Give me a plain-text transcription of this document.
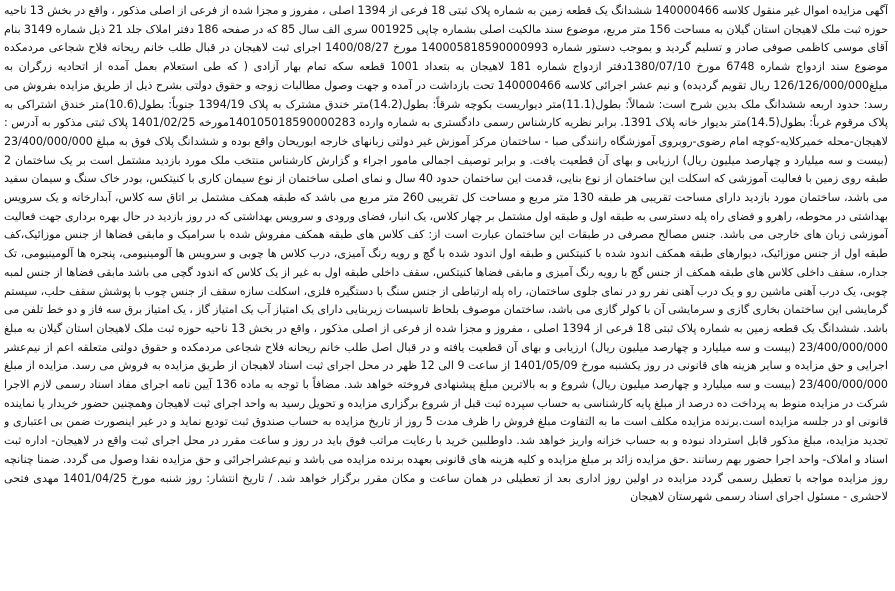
آگهی مزایده اموال غیر منقول کلاسه 140000466 ششدانگ یک قطعه زمین به شماره پلاک ثبتی 18 فرعی از 1394 اصلی ، مفروز و مجزا شده از فرعی از اصلی مذکور ، واقع در بخش 13 ناحیه حوزه ثبت ملک لاهیجان استان گیلان به مساحت 156 متر مربع، موضوع سند مالکیت اصلی بشماره چاپی 001925 سری الف سال 85 که در صفحه 186 دفتر املاک جلد 21 ذیل شماره 3149 بنام آقای موسی کاظمی صوفی صادر و تسلیم گردید و بموجب دستور شماره 140005818590000993 مورخ 1400/08/27 اجرای ثبت لاهیجان در قبال طلب خانم ریحانه فلاح شجاعی مردمکده موضوع سند ازدواج شماره 6748 مورخ 1380/07/10دفتر ازدواج شماره 181 لاهیجان به بتعداد 1001 قطعه سکه تمام بهار آزادی ( که طی استعلام بعمل آمده از اتحادیه زرگران به مبلغ126/126/000/000 ریال تقویم گردیده) و نیم عشر اجرائی کلاسه 140000466 تحت بازداشت در آمده و جهت وصول مطالبات زوجه و حقوق دولتی بشرح ذیل از طریق مزایده بفروش می رسد: حدود اربعه ششدانگ ملک بدین شرح است: شمالاً: بطول(11.1)متر دیواریست بکوچه شرقاً: بطول(14.2)متر خندق مشترک به پلاک 1394/19 جنوباً: بطول(10.6)متر خندق اشتراکی به پلاک مرقوم غرباً: بطول(14.5)متر بدیوار خانه پلاک 1391. برابر نظریه کارشناس رسمی دادگستری به شماره وارده 140105018590000283مورخه 1401/02/25 پلاک ثبتی مذکور به آدرس : لاهیجان-محله خمیرکلایه-کوچه امام رضوی-روبروی آموزشگاه رانندگی صبا - ساختمان مرکز آموزش غیر دولتی زبانهای خارجه ابوریحان واقع بوده و ششدانگ پلاک فوق به مبلغ 23/400/000/000 (بیست و سه میلیارد و چهارصد میلیون ریال) ارزیابی و بهای آن قطعیت یافت. و برابر توصیف اجمالی مامور اجراء و گزارش کارشناس منتخب ملک مورد بازدید مشتمل است بر یک ساختمان 2 طبقه روی زمین با فعالیت آموزشی که اسکلت این ساختمان از نوع بنایی، قدمت این ساختمان حدود 40 سال و نمای اصلی ساختمان از نوع سیمان کاری با کنیتکس، بودر خاک سنگ و سیمان سفید می باشد، ساختمان مورد بازدید دارای مساحت تقریبی هر طبقه 130 متر مربع و مساحت کل تقریبی 260 متر مربع می باشد که طبقه همکف مشتمل بر اتاق سه کلاس، آبدارخانه و یک سرویس بهداشتی در محوطه، راهرو و فضای راه پله دسترسی به طبقه اول و طبقه اول مشتمل بر چهار کلاس، یک انبار، فضای ورودی و سرویس بهداشتی که در روز بازدید در حال بهره برداری جهت فعالیت آموزشی زبان های خارجی می باشد. جنس مصالح مصرفی در طبقات این ساختمان عبارت است از: کف کلاس های طبقه همکف مفروش شده با سرامیک و مابقی فضاها از جنس موزائیک،کف طبقه اول از جنس موزائیک، دیوارهای طبقه همکف اندود شده با کنیتکس و طبقه اول اندود شده با گچ و رویه رنگ آمیزی، درب کلاس ها چوبی و سرویس ها آلومینیومی، پنجره ها آلومینیومی، تک جداره، سقف داخلی کلاس های طبقه همکف از جنس گچ با رویه رنگ آمیزی و مابقی فضاها کنیتکس، سقف داخلی طبقه اول به غیر از یک کلاس که اندود گچی می باشد مابقی فضاها از جنس لمبه چوبی، یک درب آهنی ماشین رو و یک درب آهنی نفر رو در نمای جلوی ساختمان، راه پله ارتباطی از جنس سنگ با دستگیره فلزی، اسکلت سازه سقف از جنس چوب با پوشش سقف حلب، سیستم گرمایشی این ساختمان بخاری گازی و سرمایشی آن با کولر گازی می باشد، ساختمان موصوف بلحاظ تاسیسات زیربنایی دارای یک امتیاز آب یک امتیاز گاز ، یک امتیاز برق سه فاز و دو خط تلفن می باشد. ششدانگ یک قطعه زمین به شماره پلاک ثبتی 18 فرعی از 1394 اصلی ، مفروز و مجزا شده از فرعی از اصلی مذکور ، واقع در بخش 13 ناحیه حوزه ثبت ملک لاهیجان استان گیلان به مبلغ 23/400/000/000 (بیست و سه میلیارد و چهارصد میلیون ریال) ارزیابی و بهای آن قطعیت یافته و در قبال اصل طلب خانم ریحانه فلاح شجاعی مردمکده و حقوق دولتی متعلقه اعم از نیم‌عشر اجرایی و حق مزایده و سایر هزینه های قانونی در روز یکشنبه مورخ 1401/05/09 از ساعت 9 الی 12 ظهر در محل اجرای ثبت اسناد لاهیجان از طریق مزایده به فروش می رسد. مزایده از مبلغ 23/400/000/000 (بیست و سه میلیارد و چهارصد میلیون ریال) شروع و به بالاترین مبلغ پیشنهادی فروخته خواهد شد. مضافاً با توجه به ماده 136 آیین نامه اجرای مفاد اسناد رسمی لازم الاجرا شرکت در مزایده منوط به پرداخت ده درصد از مبلغ پایه کارشناسی به حساب سپرده ثبت قبل از شروع برگزاری مزایده و تحویل رسید به واحد اجرای ثبت لاهیجان وهمچنین حضور خریدار یا نماینده قانونی او در جلسه مزایده است.برنده مزایده مکلف است ما به التفاوت مبلغ فروش را ظرف مدت 5 روز از تاریخ مزایده به حساب صندوق ثبت تودیع نماید و در غیر اینصورت ضمن بی اعتباری و تجدید مزایده، مبلغ مذکور قابل استرداد نبوده و به حساب خزانه واریز خواهد شد. داوطلبین خرید با رعایت مراتب فوق باید در روز و ساعت مقرر در محل اجرای ثبت واقع در لاهیجان- اداره ثبت اسناد و املاک- واحد اجرا حضور بهم رسانند .حق مزایده زائد بر مبلغ مزایده و کلیه هزینه های قانونی بعهده برنده مزایده می باشد و نیم‌عشر‌اجرائی و حق مزایده نقدا وصول می گردد. ضمنا چنانچه روز مزایده مواجه با تعطیل رسمی گردد مزایده در اولین روز اداری بعد از تعطیلی در همان ساعت و مکان مقرر برگزار خواهد شد. / تاریخ انتشار: روز شنبه مورخ 1401/04/25 مهدی فتحی لاحشری - مسئول اجرای اسناد رسمی شهرستان لاهیجان
